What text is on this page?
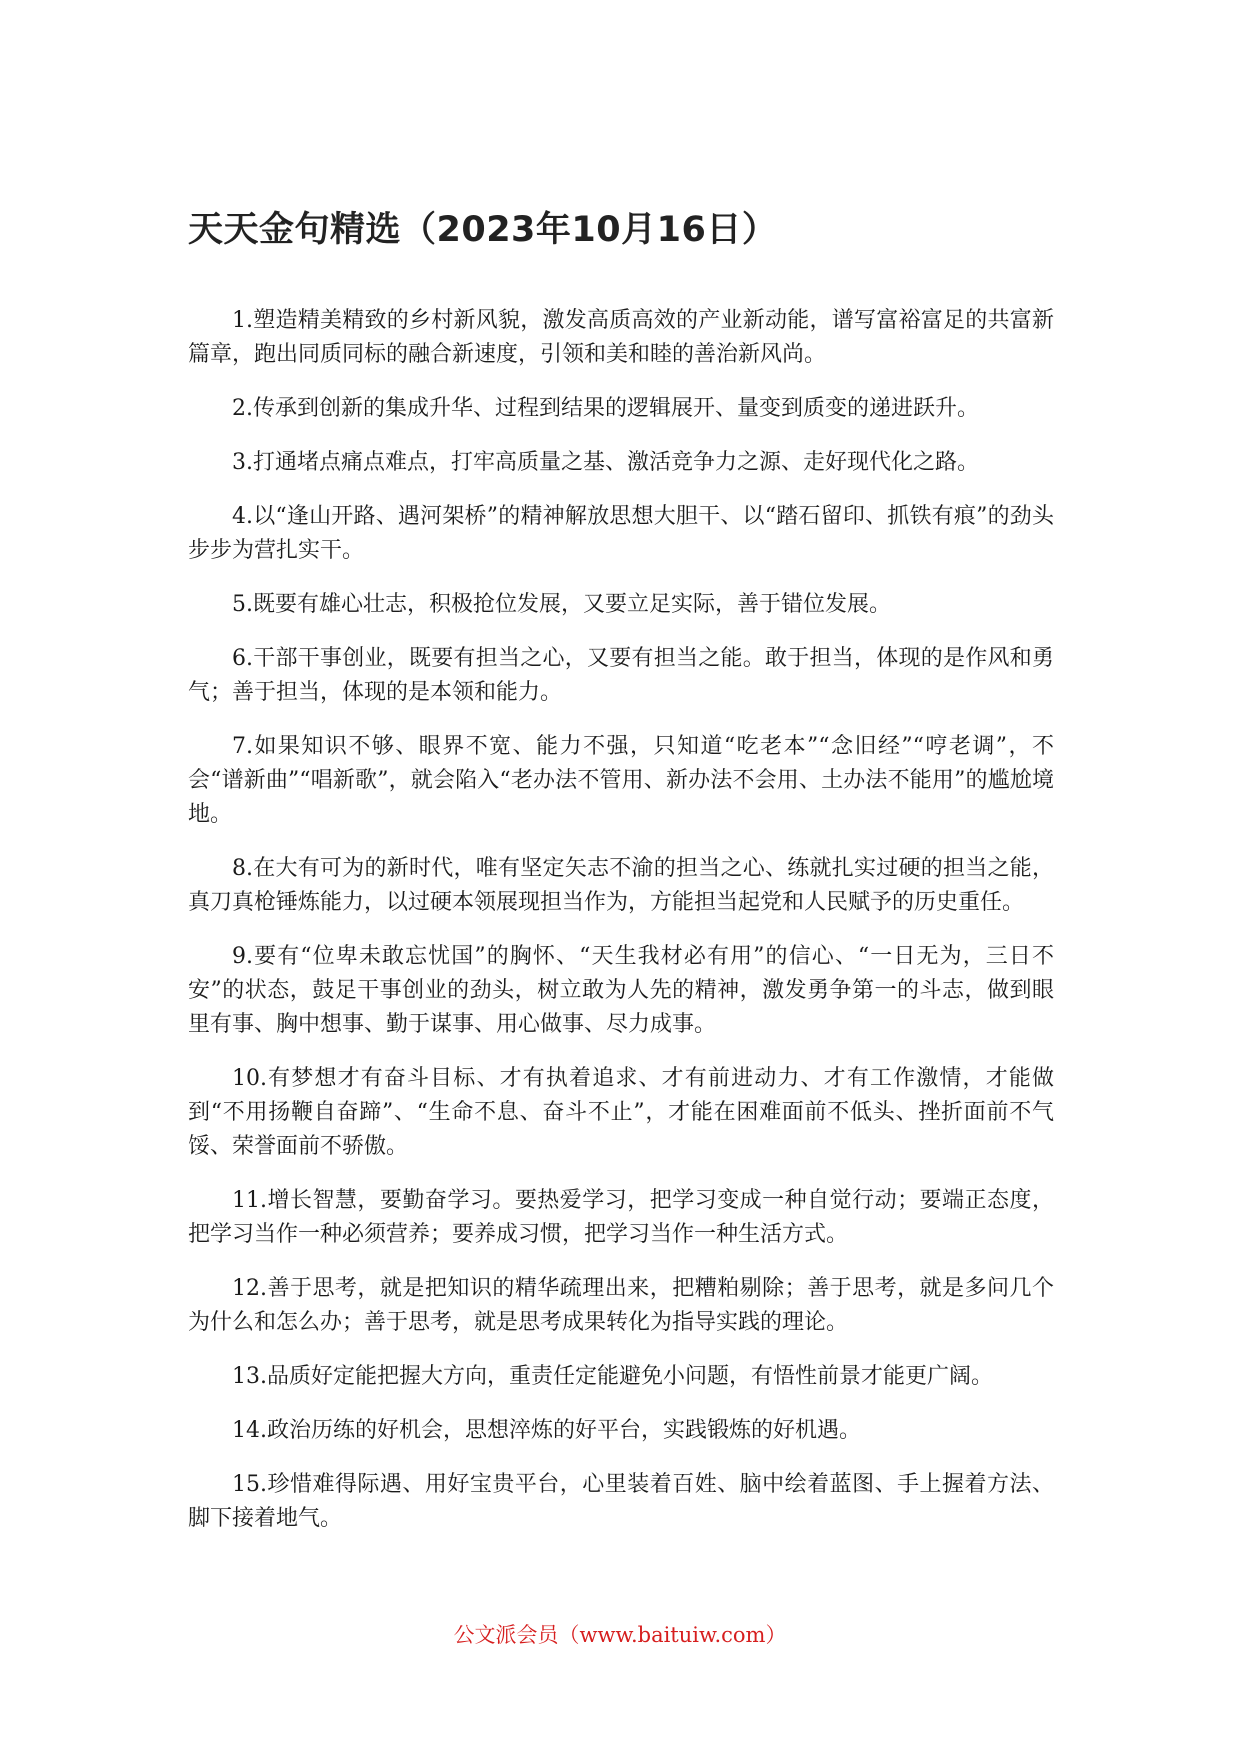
天天金句精选（2023年10月16日）

1.塑造精美精致的乡村新风貌，激发高质高效的产业新动能，谱写富裕富足的共富新篇章，跑出同质同标的融合新速度，引领和美和睦的善治新风尚。

2.传承到创新的集成升华、过程到结果的逻辑展开、量变到质变的递进跃升。

3.打通堵点痛点难点，打牢高质量之基、激活竞争力之源、走好现代化之路。

4.以“逢山开路、遇河架桥”的精神解放思想大胆干、以“踏石留印、抓铁有痕”的劲头步步为营扎实干。

5.既要有雄心壮志，积极抢位发展，又要立足实际，善于错位发展。

6.干部干事创业，既要有担当之心，又要有担当之能。敢于担当，体现的是作风和勇气；善于担当，体现的是本领和能力。

7.如果知识不够、眼界不宽、能力不强，只知道“吃老本”“念旧经”“哼老调”，不会“谱新曲”“唱新歌”，就会陷入“老办法不管用、新办法不会用、土办法不能用”的尴尬境地。

8.在大有可为的新时代，唯有坚定矢志不渝的担当之心、练就扎实过硬的担当之能，真刀真枪锤炼能力，以过硬本领展现担当作为，方能担当起党和人民赋予的历史重任。

9.要有“位卑未敢忘忧国”的胸怀、“天生我材必有用”的信心、“一日无为，三日不安”的状态，鼓足干事创业的劲头，树立敢为人先的精神，激发勇争第一的斗志，做到眼里有事、胸中想事、勤于谋事、用心做事、尽力成事。

10.有梦想才有奋斗目标、才有执着追求、才有前进动力、才有工作激情，才能做到“不用扬鞭自奋蹄”、“生命不息、奋斗不止”，才能在困难面前不低头、挫折面前不气馁、荣誉面前不骄傲。

11.增长智慧，要勤奋学习。要热爱学习，把学习变成一种自觉行动；要端正态度，把学习当作一种必须营养；要养成习惯，把学习当作一种生活方式。

12.善于思考，就是把知识的精华疏理出来，把糟粕剔除；善于思考，就是多问几个为什么和怎么办；善于思考，就是思考成果转化为指导实践的理论。

13.品质好定能把握大方向，重责任定能避免小问题，有悟性前景才能更广阔。

14.政治历练的好机会，思想淬炼的好平台，实践锻炼的好机遇。

15.珍惜难得际遇、用好宝贵平台，心里装着百姓、脑中绘着蓝图、手上握着方法、脚下接着地气。

公文派会员（www.baituiw.com）
